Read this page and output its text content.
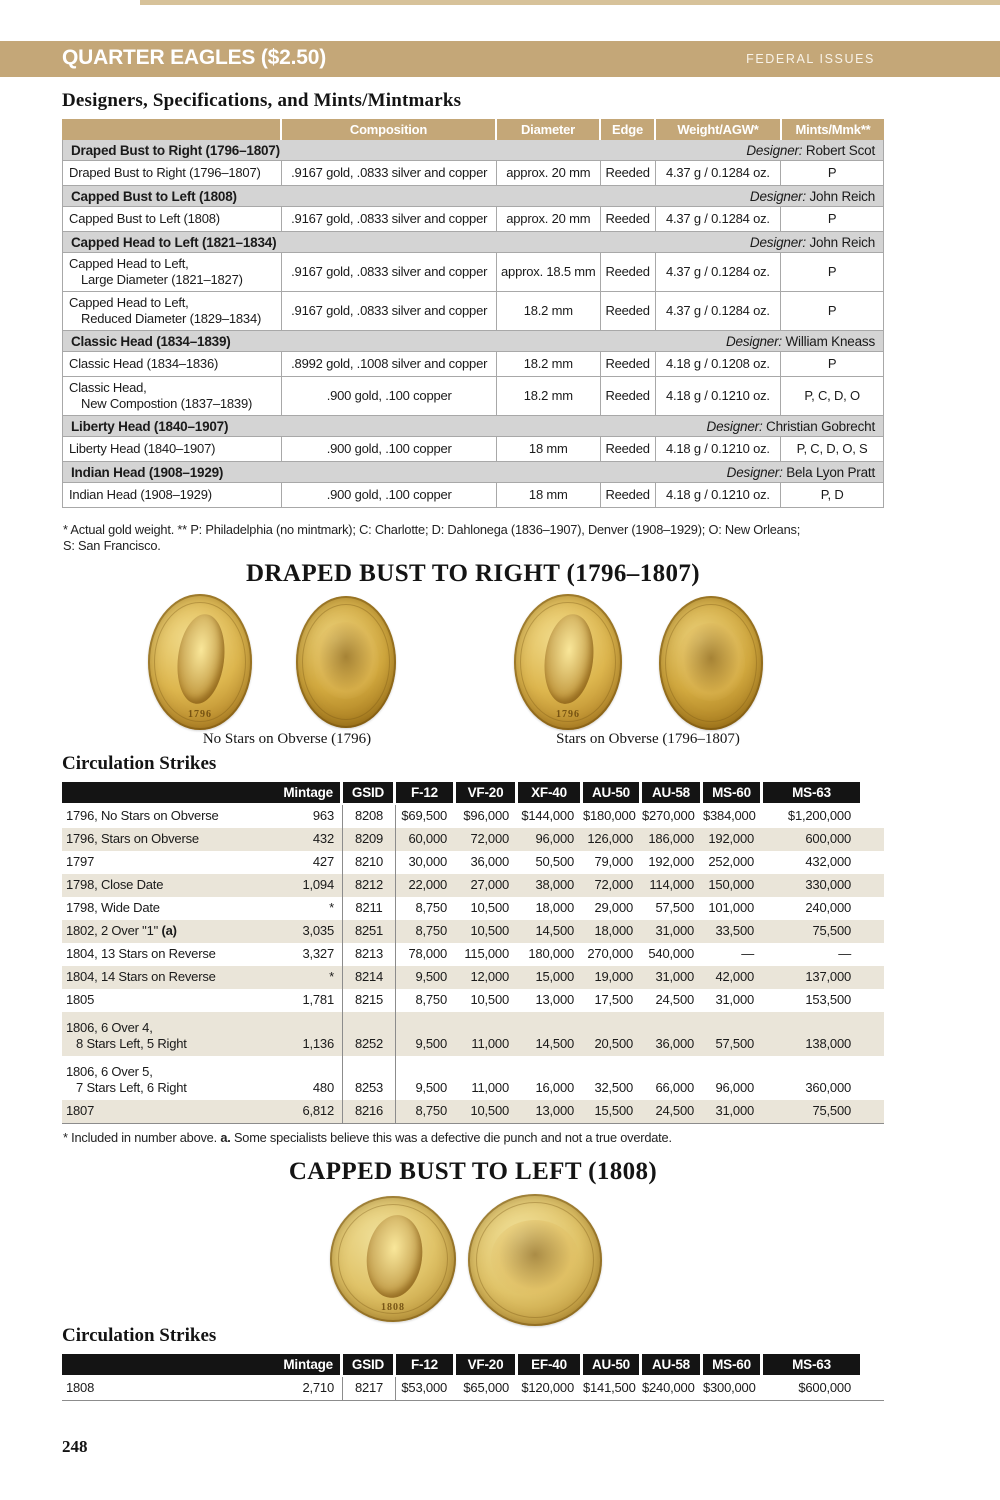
QUARTER EAGLES ($2.50)	FEDERAL ISSUES
Designers, Specifications, and Mints/Mintmarks
Composition	Diameter	Edge	Weight/AGW*	Mints/Mmk**
Draped Bust to Right (1796–1807)	Designer: Robert Scot
Draped Bust to Right (1796–1807)	.9167 gold, .0833 silver and copper	approx. 20 mm	Reeded	4.37 g / 0.1284 oz.	P
Capped Bust to Left (1808)	Designer: John Reich
Capped Bust to Left (1808)	.9167 gold, .0833 silver and copper	approx. 20 mm	Reeded	4.37 g / 0.1284 oz.	P
Capped Head to Left (1821–1834)	Designer: John Reich
Capped Head to Left,
Large Diameter (1821–1827)
.9167 gold, .0833 silver and copper	approx. 18.5 mm Reeded	4.37 g / 0.1284 oz.	P
Capped Head to Left,
Reduced Diameter (1829–1834)
.9167 gold, .0833 silver and copper	18.2 mm	Reeded	4.37 g / 0.1284 oz.	P
Classic Head (1834–1839)	Designer: William Kneass
Classic Head (1834–1836)	.8992 gold, .1008 silver and copper	18.2 mm	Reeded	4.18 g / 0.1208 oz.	P
Classic Head,
New Compostion (1837–1839)
.900 gold, .100 copper	18.2 mm	Reeded	4.18 g / 0.1210 oz.	P, C, D, O
Liberty Head (1840–1907)	Designer: Christian Gobrecht
Liberty Head (1840–1907)	.900 gold, .100 copper	18 mm	Reeded	4.18 g / 0.1210 oz.	P, C, D, O, S
Indian Head (1908–1929)	Designer: Bela Lyon Pratt
Indian Head (1908–1929)	.900 gold, .100 copper	18 mm	Reeded	4.18 g / 0.1210 oz.	P, D
* Actual gold weight. ** P: Philadelphia (no mintmark); C: Charlotte; D: Dahlonega (1836–1907), Denver (1908–1929); O: New Orleans;
S: San Francisco.
DRAPED BUST TO RIGHT (1796–1807)
1796	1796
No Stars on Obverse (1796)	Stars on Obverse (1796–1807)
Circulation Strikes
Mintage	GSID	F-12	VF-20	XF-40	AU-50	AU-58	MS-60	MS-63
1796, No Stars on Obverse	963	8208	$69,500	$96,000 $144,000 $180,000 $270,000 $384,000	$1,200,000
1796, Stars on Obverse	432	8209	60,000	72,000	96,000	126,000	186,000	192,000	600,000
1797	427	8210	30,000	36,000	50,500	79,000	192,000	252,000	432,000
1798, Close Date	1,094	8212	22,000	27,000	38,000	72,000	114,000	150,000	330,000
1798, Wide Date	*	8211	8,750	10,500	18,000	29,000	57,500	101,000	240,000
1802, 2 Over "1" (a)	3,035	8251	8,750	10,500	14,500	18,000	31,000	33,500	75,500
1804, 13 Stars on Reverse	3,327	8213	78,000	115,000	180,000	270,000	540,000	—	—
1804, 14 Stars on Reverse	*	8214	9,500	12,000	15,000	19,000	31,000	42,000	137,000
1805	1,781	8215	8,750	10,500	13,000	17,500	24,500	31,000	153,500
1806, 6 Over 4,
8 Stars Left, 5 Right	1,136	8252	9,500	11,000	14,500	20,500	36,000	57,500	138,000
1806, 6 Over 5,
7 Stars Left, 6 Right	480	8253	9,500	11,000	16,000	32,500	66,000	96,000	360,000
1807	6,812	8216	8,750	10,500	13,000	15,500	24,500	31,000	75,500
* Included in number above. a. Some specialists believe this was a defective die punch and not a true overdate.
CAPPED BUST TO LEFT (1808)
1808
Circulation Strikes
Mintage	GSID	F-12	VF-20	EF-40	AU-50	AU-58	MS-60	MS-63
1808	2,710	8217	$53,000	$65,000 $120,000 $141,500 $240,000 $300,000	$600,000
248
